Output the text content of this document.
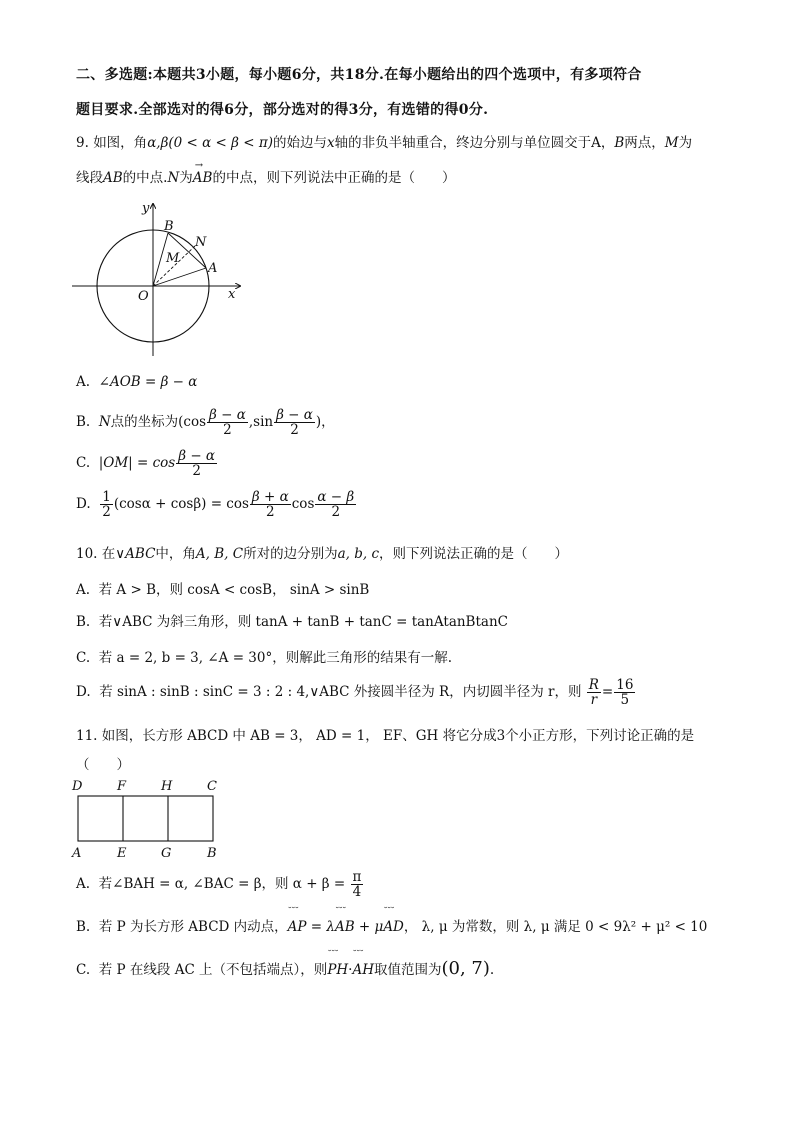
二、多选题:本题共3小题，每小题6分，共18分.在每小题给出的四个选项中，有多项符合
题目要求.全部选对的得6分，部分选对的得3分，有选错的得0分.
9. 如图，角α,β(0 < α < β < π)的始边与x轴的非负半轴重合，终边分别与单位圆交于A，B两点，M为
线段AB的中点.N为→ AB的中点，则下列说法中正确的是（　　）
y
x
O
A
B
M
N
A. ∠AOB = β − α
B. N点的坐标为($\cos \frac{\beta - \alpha}{2} ,\sin \frac{\beta - \alpha}{2}$ )，
C. $|OM| = \cos \frac{\beta - \alpha}{2}$
D. $\frac{1}{2} (\cos\alpha + \cos\beta) = \cos \frac{\beta + \alpha}{2}$ $\cos \frac{\alpha - \beta}{2}$
10. 在∨ABC中，角A, B, C所对的边分别为a, b, c，则下列说法正确的是（　　）
A. 若 A > B，则 cosA < cosB， sinA > sinB
B. 若∨ABC 为斜三角形，则 tanA + tanB + tanC = tanAtanBtanC
C. 若 a = 2, b = 3, ∠A = 30°，则解此三角形的结果有一解.
D. 若 sinA : sinB : sinC = 3 : 2 : 4,∨ABC 外接圆半径为 R，内切圆半径为 r，则 $\frac{R}{r} = \frac{16}{5}$
11. 如图，长方形 ABCD 中 AB = 3， AD = 1， EF、GH 将它分成3个小正方形，下列讨论正确的是
（　　）
D	F	H	C
A	E	G	B
A. 若∠BAH = α, ∠BAC = β，则 $\alpha + \beta = \frac{\pi}{4}$
B. 若 P 为长方形 ABCD 内动点，˘˘˘ AP = λ˘˘˘ AB + μ˘˘˘ AD， λ, μ 为常数，则 λ, μ 满足 0 < 9λ² + μ² < 10
C. 若 P 在线段 AC 上（不包括端点），则˘˘˘ PH·˘˘˘ AH取值范围为(0, 7).
